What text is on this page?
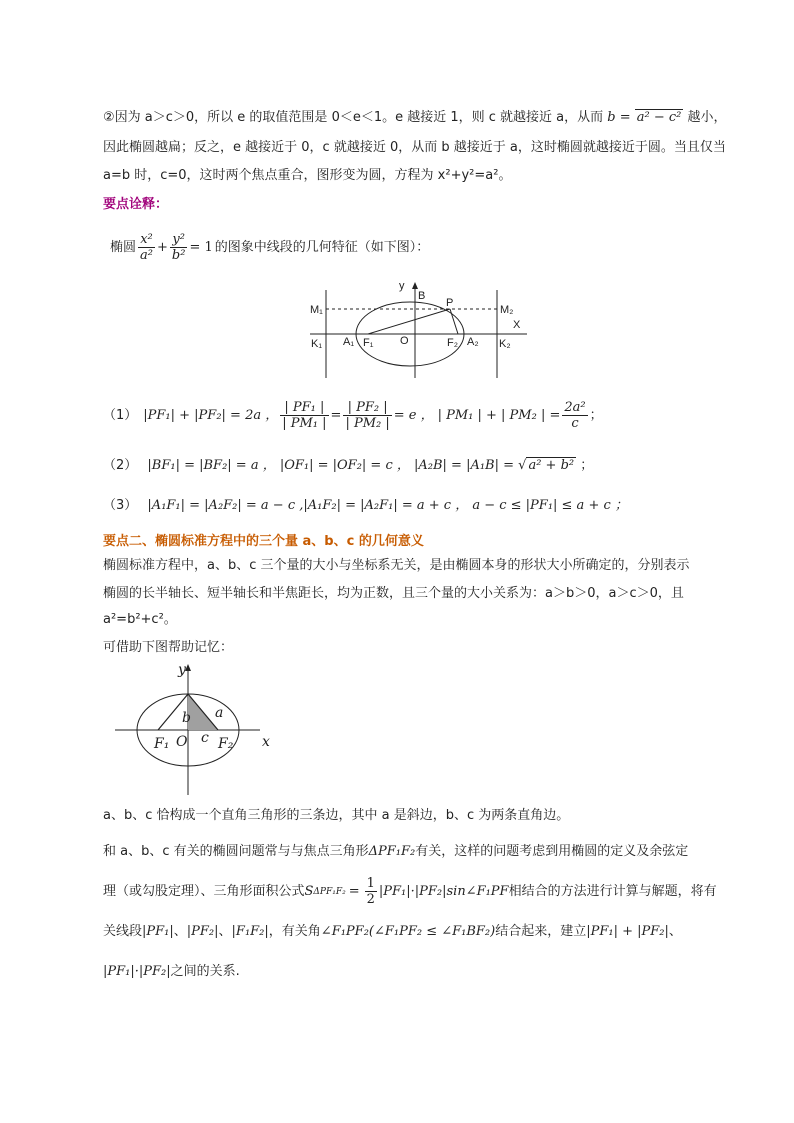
②因为 a＞c＞0，所以 e 的取值范围是 0＜e＜1。e 越接近 1，则 c 就越接近 a，从而 b = a² − c² 越小，
因此椭圆越扁；反之，e 越接近于 0，c 就越接近 0，从而 b 越接近于 a，这时椭圆就越接近于圆。当且仅当
a=b 时，c=0，这时两个焦点重合，图形变为圆，方程为 x²+y²=a²。
要点诠释：
椭圆 $\frac{\text{x²}}{\text{a²}} + \frac{\text{y²}}{\text{b²}} = 1$ 的图象中线段的几何特征（如下图）：
y
B
P
M₁	M₂
X
K₁ A₁ F₁ O	F₂ A₂ K₂
（1） |PF₁| + |PF₂| = 2a ， $\frac{\text{| PF₁ |}}{\text{| PM₁ |}} = \frac{\text{| PF₂ |}}{\text{| PM₂ |}} = e$ ， | PM₁ | + | PM₂ | = $\frac{\text{2a²}}{c}$ ；
（2） |BF₁| = |BF₂| = a ， |OF₁| = |OF₂| = c ， |A₂B| = |A₁B| = √ a² + b² ；
（3） |A₁F₁| = |A₂F₂| = a − c ,|A₁F₂| = |A₂F₁| = a + c ， a − c ≤ |PF₁| ≤ a + c ；
要点二、椭圆标准方程中的三个量 a、b、c 的几何意义
椭圆标准方程中，a、b、c 三个量的大小与坐标系无关，是由椭圆本身的形状大小所确定的，分别表示
椭圆的长半轴长、短半轴长和半焦距长，均为正数，且三个量的大小关系为：a＞b＞0，a＞c＞0，且
a²=b²+c²。
可借助下图帮助记忆：
y
b a
F₁ O c F₂ x
a、b、c 恰构成一个直角三角形的三条边，其中 a 是斜边，b、c 为两条直角边。
和 a、b、c 有关的椭圆问题常与与焦点三角形ΔPF₁F₂有关，这样的问题考虑到用椭圆的定义及余弦定
理（或勾股定理）、三角形面积公式 S $\Delta PF_1F_2 = \frac{1}{2}$ |PF₁|·|PF₂|sin∠F₁PF 相结合的方法进行计算与解题，将有
关线段|PF₁|、|PF₂|、|F₁F₂|，有关角∠F₁PF₂(∠F₁PF₂ ≤ ∠F₁BF₂)结合起来，建立|PF₁| + |PF₂|、
|PF₁|·|PF₂|之间的关系.
